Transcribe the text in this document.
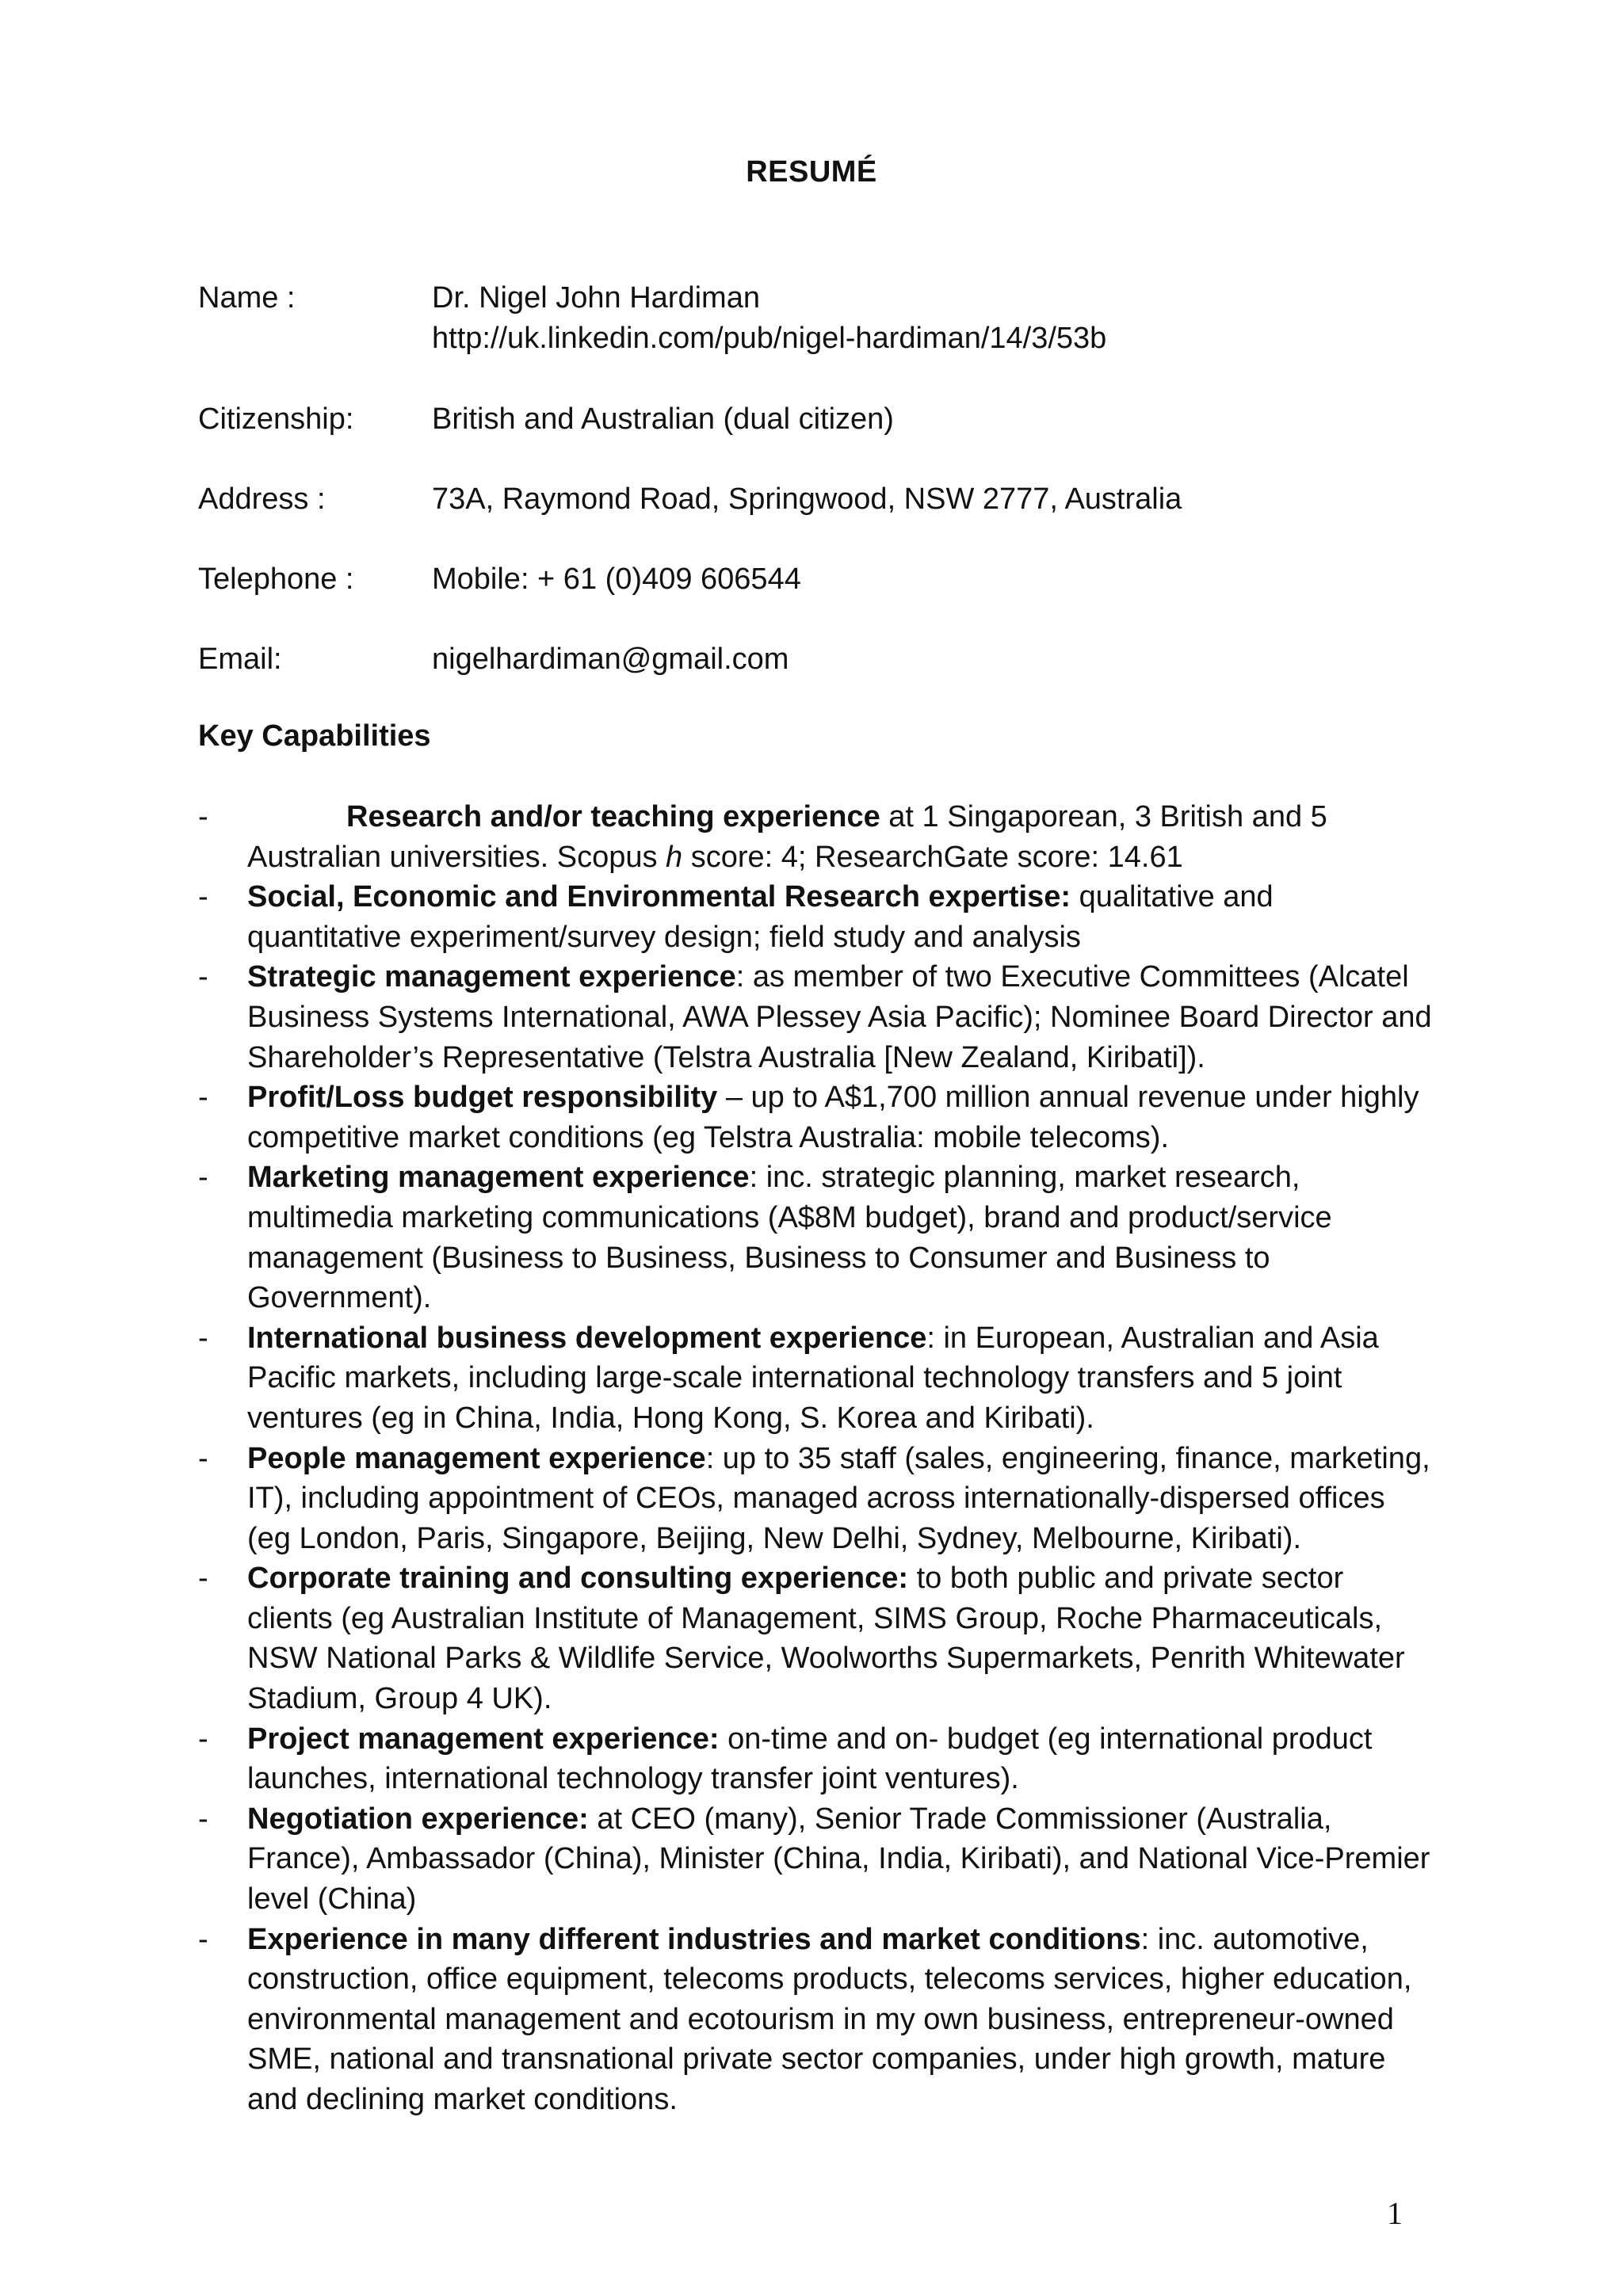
RESUMÉ
Name :	Dr. Nigel John Hardiman
http://uk.linkedin.com/pub/nigel-hardiman/14/3/53b
Citizenship:	British and Australian (dual citizen)
Address :	73A, Raymond Road, Springwood, NSW 2777, Australia
Telephone :	Mobile: + 61 (0)409 606544
Email:	nigelhardiman@gmail.com
Key Capabilities
-	Research and/or teaching experience at 1 Singaporean, 3 British and 5 Australian universities. Scopus h score: 4; ResearchGate score: 14.61
- Social, Economic and Environmental Research expertise: qualitative and quantitative experiment/survey design; field study and analysis
- Strategic management experience: as member of two Executive Committees (Alcatel Business Systems International, AWA Plessey Asia Pacific); Nominee Board Director and Shareholder’s Representative (Telstra Australia [New Zealand, Kiribati]).
- Profit/Loss budget responsibility – up to A$1,700 million annual revenue under highly competitive market conditions (eg Telstra Australia: mobile telecoms).
- Marketing management experience: inc. strategic planning, market research, multimedia marketing communications (A$8M budget), brand and product/service management (Business to Business, Business to Consumer and Business to Government).
- International business development experience: in European, Australian and Asia Pacific markets, including large-scale international technology transfers and 5 joint ventures (eg in China, India, Hong Kong, S. Korea and Kiribati).
- People management experience: up to 35 staff (sales, engineering, finance, marketing, IT), including appointment of CEOs, managed across internationally-dispersed offices (eg London, Paris, Singapore, Beijing, New Delhi, Sydney, Melbourne, Kiribati).
- Corporate training and consulting experience: to both public and private sector clients (eg Australian Institute of Management, SIMS Group, Roche Pharmaceuticals, NSW National Parks & Wildlife Service, Woolworths Supermarkets, Penrith Whitewater Stadium, Group 4 UK).
- Project management experience: on-time and on- budget (eg international product launches, international technology transfer joint ventures).
- Negotiation experience: at CEO (many), Senior Trade Commissioner (Australia, France), Ambassador (China), Minister (China, India, Kiribati), and National Vice-Premier level (China)
- Experience in many different industries and market conditions: inc. automotive, construction, office equipment, telecoms products, telecoms services, higher education, environmental management and ecotourism in my own business, entrepreneur-owned SME, national and transnational private sector companies, under high growth, mature and declining market conditions.
1
